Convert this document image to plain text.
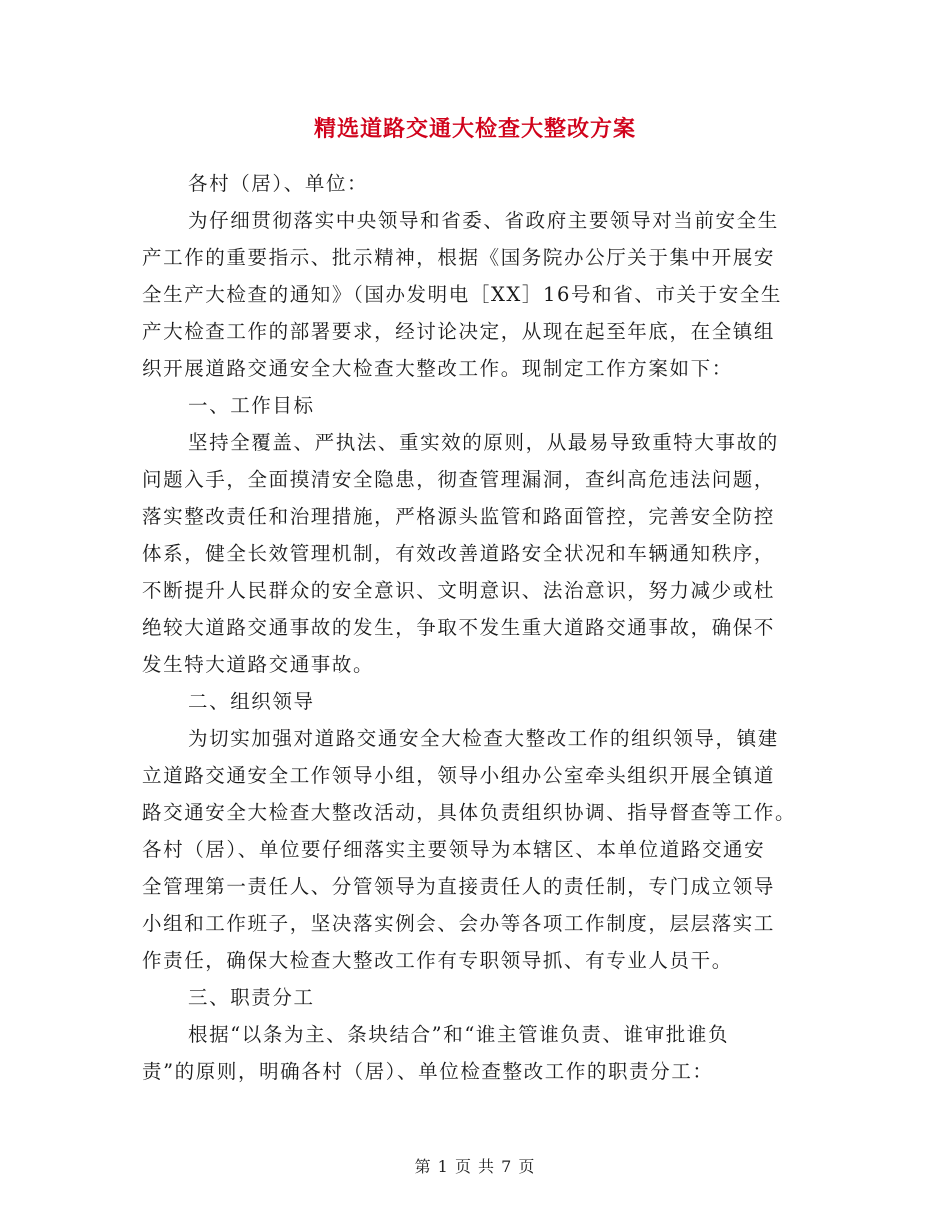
精选道路交通大检查大整改方案

各村（居）、单位：

为仔细贯彻落实中央领导和省委、省政府主要领导对当前安全生

产工作的重要指示、批示精神，根据《国务院办公厅关于集中开展安

全生产大检查的通知》（国办发明电［XX］16号和省、市关于安全生

产大检查工作的部署要求，经讨论决定，从现在起至年底，在全镇组

织开展道路交通安全大检查大整改工作。现制定工作方案如下：

一、工作目标

坚持全覆盖、严执法、重实效的原则，从最易导致重特大事故的

问题入手，全面摸清安全隐患，彻查管理漏洞，查纠高危违法问题，

落实整改责任和治理措施，严格源头监管和路面管控，完善安全防控

体系，健全长效管理机制，有效改善道路安全状况和车辆通知秩序，

不断提升人民群众的安全意识、文明意识、法治意识，努力减少或杜

绝较大道路交通事故的发生，争取不发生重大道路交通事故，确保不

发生特大道路交通事故。

二、组织领导

为切实加强对道路交通安全大检查大整改工作的组织领导，镇建

立道路交通安全工作领导小组，领导小组办公室牵头组织开展全镇道

路交通安全大检查大整改活动，具体负责组织协调、指导督查等工作。

各村（居）、单位要仔细落实主要领导为本辖区、本单位道路交通安

全管理第一责任人、分管领导为直接责任人的责任制，专门成立领导

小组和工作班子，坚决落实例会、会办等各项工作制度，层层落实工

作责任，确保大检查大整改工作有专职领导抓、有专业人员干。

三、职责分工

根据“以条为主、条块结合”和“谁主管谁负责、谁审批谁负

责”的原则，明确各村（居）、单位检查整改工作的职责分工：

第 1 页 共 7 页
